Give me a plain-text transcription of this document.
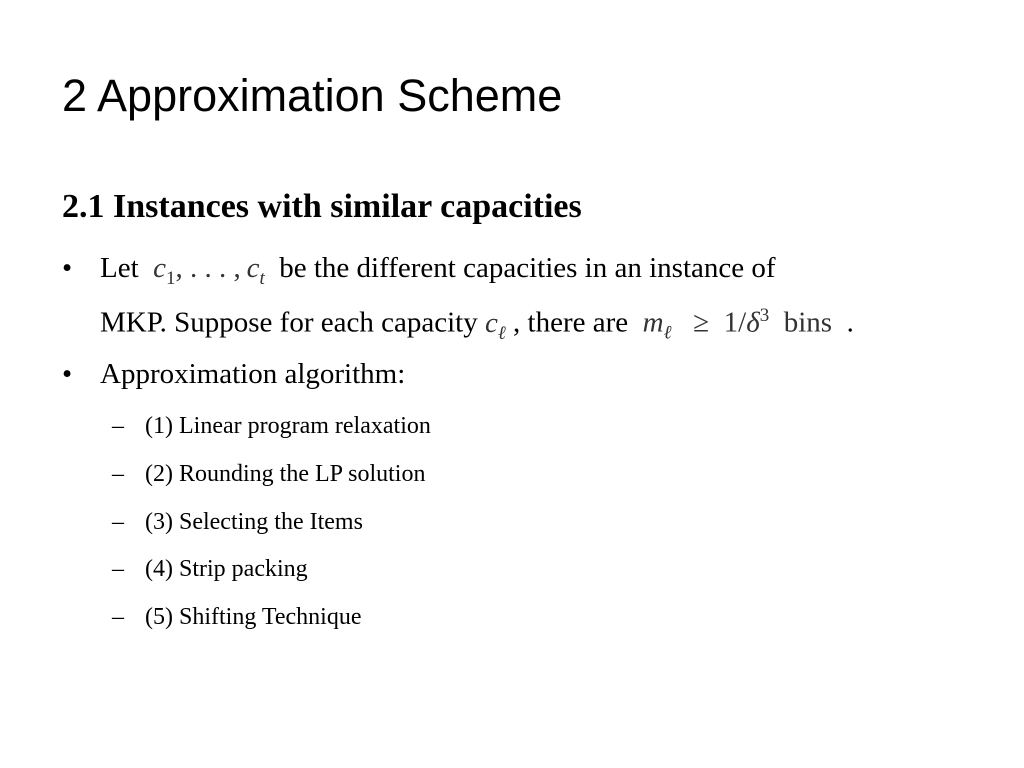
2 Approximation Scheme
2.1 Instances with similar capacities
• Let $c_1$, . . . ,  $c_t$ be the different capacities in an instance of
MKP. Suppose for each capacity $c_\ell$ , there are $m_\ell \ge 1/\delta^3$ bins .
• Approximation algorithm:
– (1) Linear program relaxation
– (2) Rounding the LP solution
– (3) Selecting the Items
– (4) Strip packing
– (5) Shifting Technique
